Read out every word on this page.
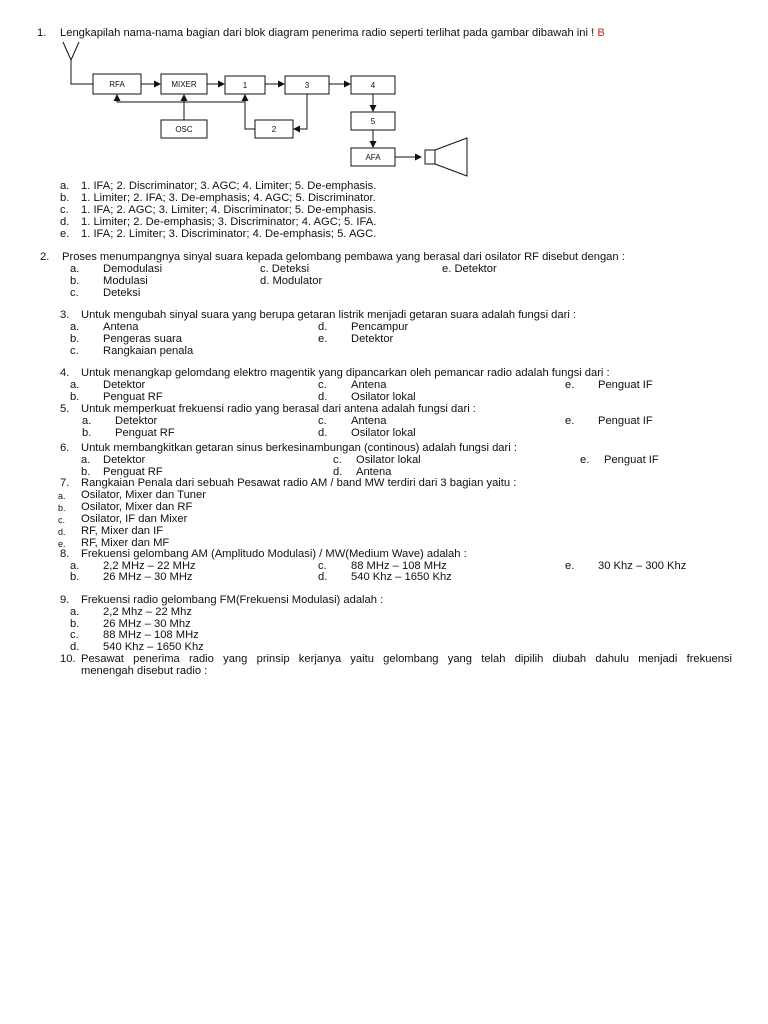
1. Lengkapilah nama-nama bagian dari blok diagram penerima radio seperti terlihat pada gambar dibawah ini ! B
RFA	MIXER	1	3	4
OSC	2
5
AFA
a. 1. IFA; 2. Discriminator; 3. AGC; 4. Limiter; 5. De-emphasis.
b. 1. Limiter; 2. IFA; 3. De-emphasis; 4. AGC; 5. Discriminator.
c. 1. IFA; 2. AGC; 3. Limiter; 4. Discriminator; 5. De-emphasis.
d. 1. Limiter; 2. De-emphasis; 3. Discriminator; 4. AGC; 5. IFA.
e. 1. IFA; 2. Limiter; 3. Discriminator; 4. De-emphasis; 5. AGC.
2. Proses menumpangnya sinyal suara kepada gelombang pembawa yang berasal dari osilator RF disebut dengan :
a. Demodulasi	c. Deteksi	e. Detektor
b. Modulasi	d. Modulator
c. Deteksi
3. Untuk mengubah sinyal suara yang berupa getaran listrik menjadi getaran suara adalah fungsi dari :
a. Antena	d. Pencampur
b. Pengeras suara	e. Detektor
c. Rangkaian penala
4. Untuk menangkap gelomdang elektro magentik yang dipancarkan oleh pemancar radio adalah fungsi dari :
a. Detektor	c. Antena	e. Penguat IF
b. Penguat RF	d. Osilator lokal
5. Untuk memperkuat frekuensi radio yang berasal dari antena adalah fungsi dari :
a. Detektor	c. Antena	e. Penguat IF
b. Penguat RF	d. Osilator lokal
6. Untuk membangkitkan getaran sinus berkesinambungan (continous) adalah fungsi dari :
a. Detektor	c. Osilator lokal	e. Penguat IF
b. Penguat RF	d. Antena
7. Rangkaian Penala dari sebuah Pesawat radio AM / band MW terdiri dari 3 bagian yaitu :
a. Osilator, Mixer dan Tuner
b. Osilator, Mixer dan RF
c. Osilator, IF dan Mixer
d. RF, Mixer dan IF
e. RF, Mixer dan MF
8. Frekuensi gelombang AM (Amplitudo Modulasi) / MW(Medium Wave) adalah :
a. 2,2 MHz – 22 MHz	c. 88 MHz – 108 MHz	e. 30 Khz – 300 Khz
b. 26 MHz – 30 MHz	d. 540 Khz – 1650 Khz
9. Frekuensi radio gelombang FM(Frekuensi Modulasi) adalah :
a. 2,2 Mhz – 22 Mhz
b. 26 MHz – 30 Mhz
c. 88 MHz – 108 MHz
d. 540 Khz – 1650 Khz
10. Pesawat penerima radio yang prinsip kerjanya yaitu gelombang yang telah dipilih diubah dahulu menjadi frekuensi
menengah disebut radio :
